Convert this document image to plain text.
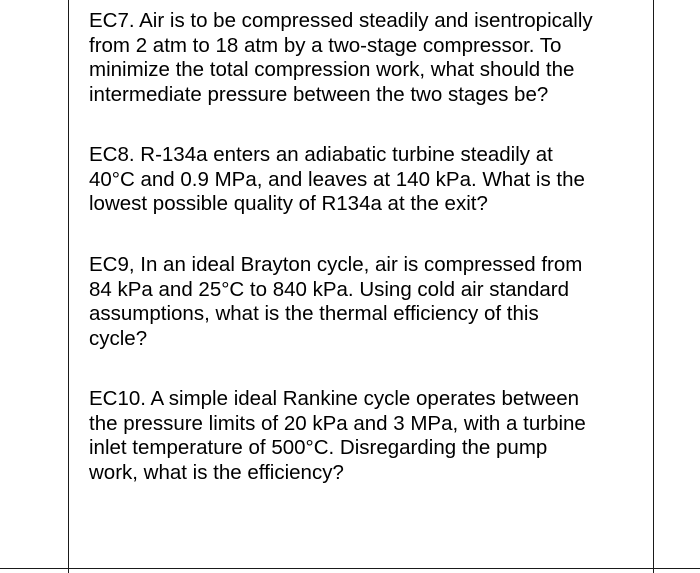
EC7. Air is to be compressed steadily and isentropically
from 2 atm to 18 atm by a two-stage compressor. To
minimize the total compression work, what should the
intermediate pressure between the two stages be?

EC8. R-134a enters an adiabatic turbine steadily at
40°C and 0.9 MPa, and leaves at 140 kPa. What is the
lowest possible quality of R134a at the exit?

EC9, In an ideal Brayton cycle, air is compressed from
84 kPa and 25°C to 840 kPa. Using cold air standard
assumptions, what is the thermal efficiency of this
cycle?

EC10. A simple ideal Rankine cycle operates between
the pressure limits of 20 kPa and 3 MPa, with a turbine
inlet temperature of 500°C. Disregarding the pump
work, what is the efficiency?
